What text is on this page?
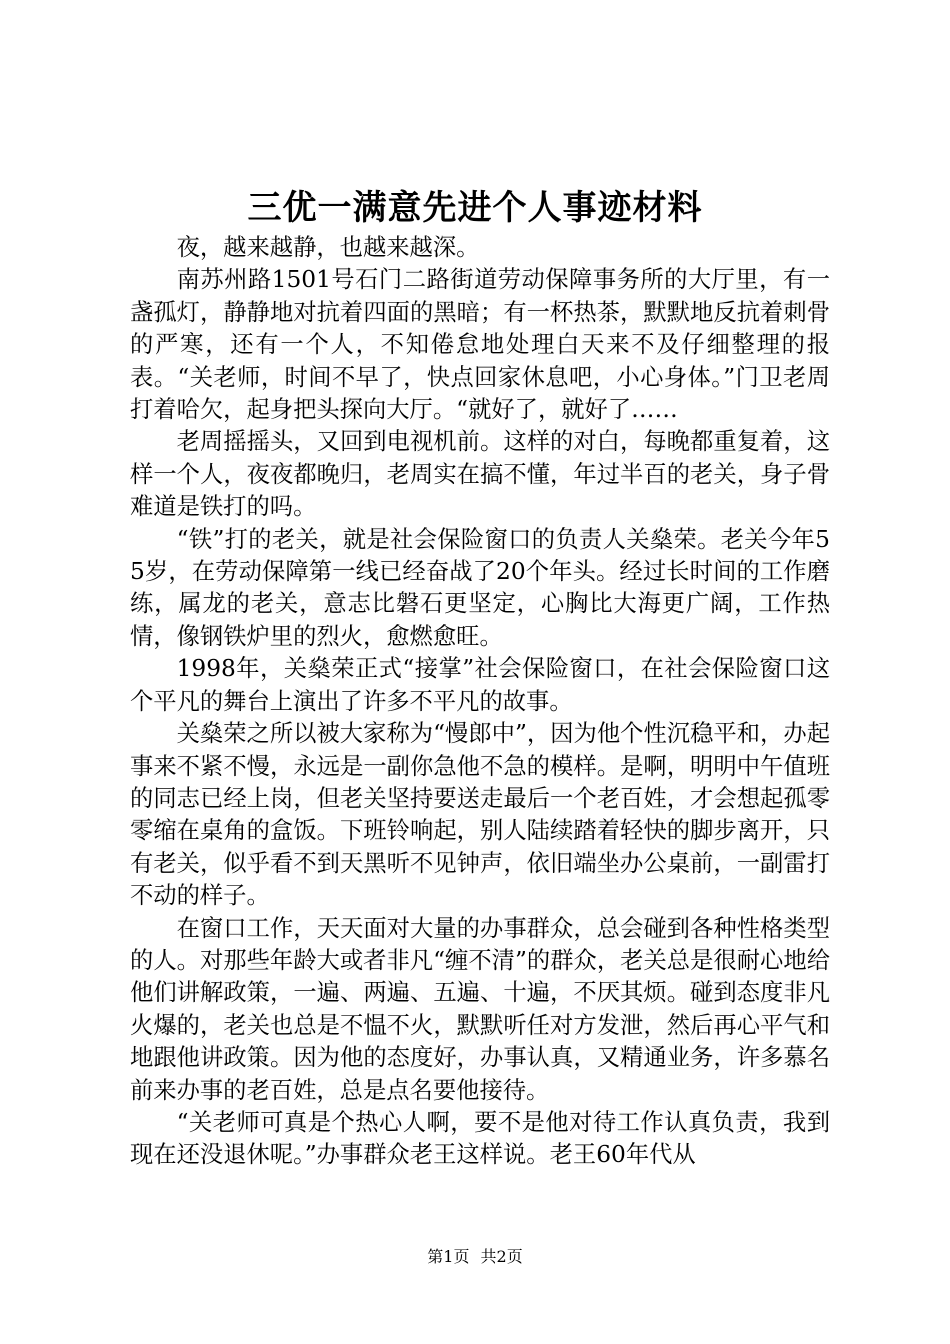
三优一满意先进个人事迹材料

夜，越来越静，也越来越深。

南苏州路1501号石门二路街道劳动保障事务所的大厅里，有一盏孤灯，静静地对抗着四面的黑暗；有一杯热茶，默默地反抗着刺骨的严寒，还有一个人，不知倦怠地处理白天来不及仔细整理的报表。“关老师，时间不早了，快点回家休息吧，小心身体。”门卫老周打着哈欠，起身把头探向大厅。“就好了，就好了……

老周摇摇头，又回到电视机前。这样的对白，每晚都重复着，这样一个人，夜夜都晚归，老周实在搞不懂，年过半百的老关，身子骨难道是铁打的吗。

“铁”打的老关，就是社会保险窗口的负责人关燊荣。老关今年55岁，在劳动保障第一线已经奋战了20个年头。经过长时间的工作磨练，属龙的老关，意志比磐石更坚定，心胸比大海更广阔，工作热情，像钢铁炉里的烈火，愈燃愈旺。

1998年，关燊荣正式“接掌”社会保险窗口，在社会保险窗口这个平凡的舞台上演出了许多不平凡的故事。

关燊荣之所以被大家称为“慢郎中”，因为他个性沉稳平和，办起事来不紧不慢，永远是一副你急他不急的模样。是啊，明明中午值班的同志已经上岗，但老关坚持要送走最后一个老百姓，才会想起孤零零缩在桌角的盒饭。下班铃响起，别人陆续踏着轻快的脚步离开，只有老关，似乎看不到天黑听不见钟声，依旧端坐办公桌前，一副雷打不动的样子。

在窗口工作，天天面对大量的办事群众，总会碰到各种性格类型的人。对那些年龄大或者非凡“缠不清”的群众，老关总是很耐心地给他们讲解政策，一遍、两遍、五遍、十遍，不厌其烦。碰到态度非凡火爆的，老关也总是不愠不火，默默听任对方发泄，然后再心平气和地跟他讲政策。因为他的态度好，办事认真，又精通业务，许多慕名前来办事的老百姓，总是点名要他接待。

“关老师可真是个热心人啊，要不是他对待工作认真负责，我到现在还没退休呢。”办事群众老王这样说。老王60年代从

第1页 共2页
